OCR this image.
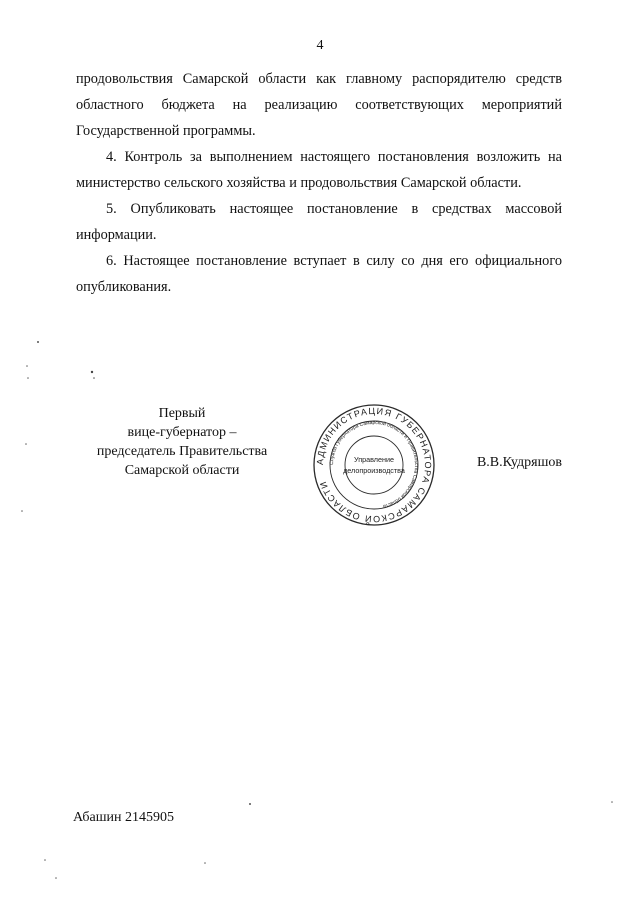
4

продовольствия Самарской области как главному распорядителю средств областного бюджета на реализацию соответствующих мероприятий Государственной программы.

4. Контроль за выполнением настоящего постановления возложить на министерство сельского хозяйства и продовольствия Самарской области.

5. Опубликовать настоящее постановление в средствах массовой информации.

6. Настоящее постановление вступает в силу со дня его официального опубликования.

Первый
вице-губернатор –
председатель Правительства
Самарской области
АДМИНИСТРАЦИЯ ГУБЕРНАТОРА САМАРСКОЙ ОБЛАСТИ
Служба Губернатора Самарской области и Правительства Самарской области
Управление
делопроизводства
В.В.Кудряшов
Абашин 2145905
